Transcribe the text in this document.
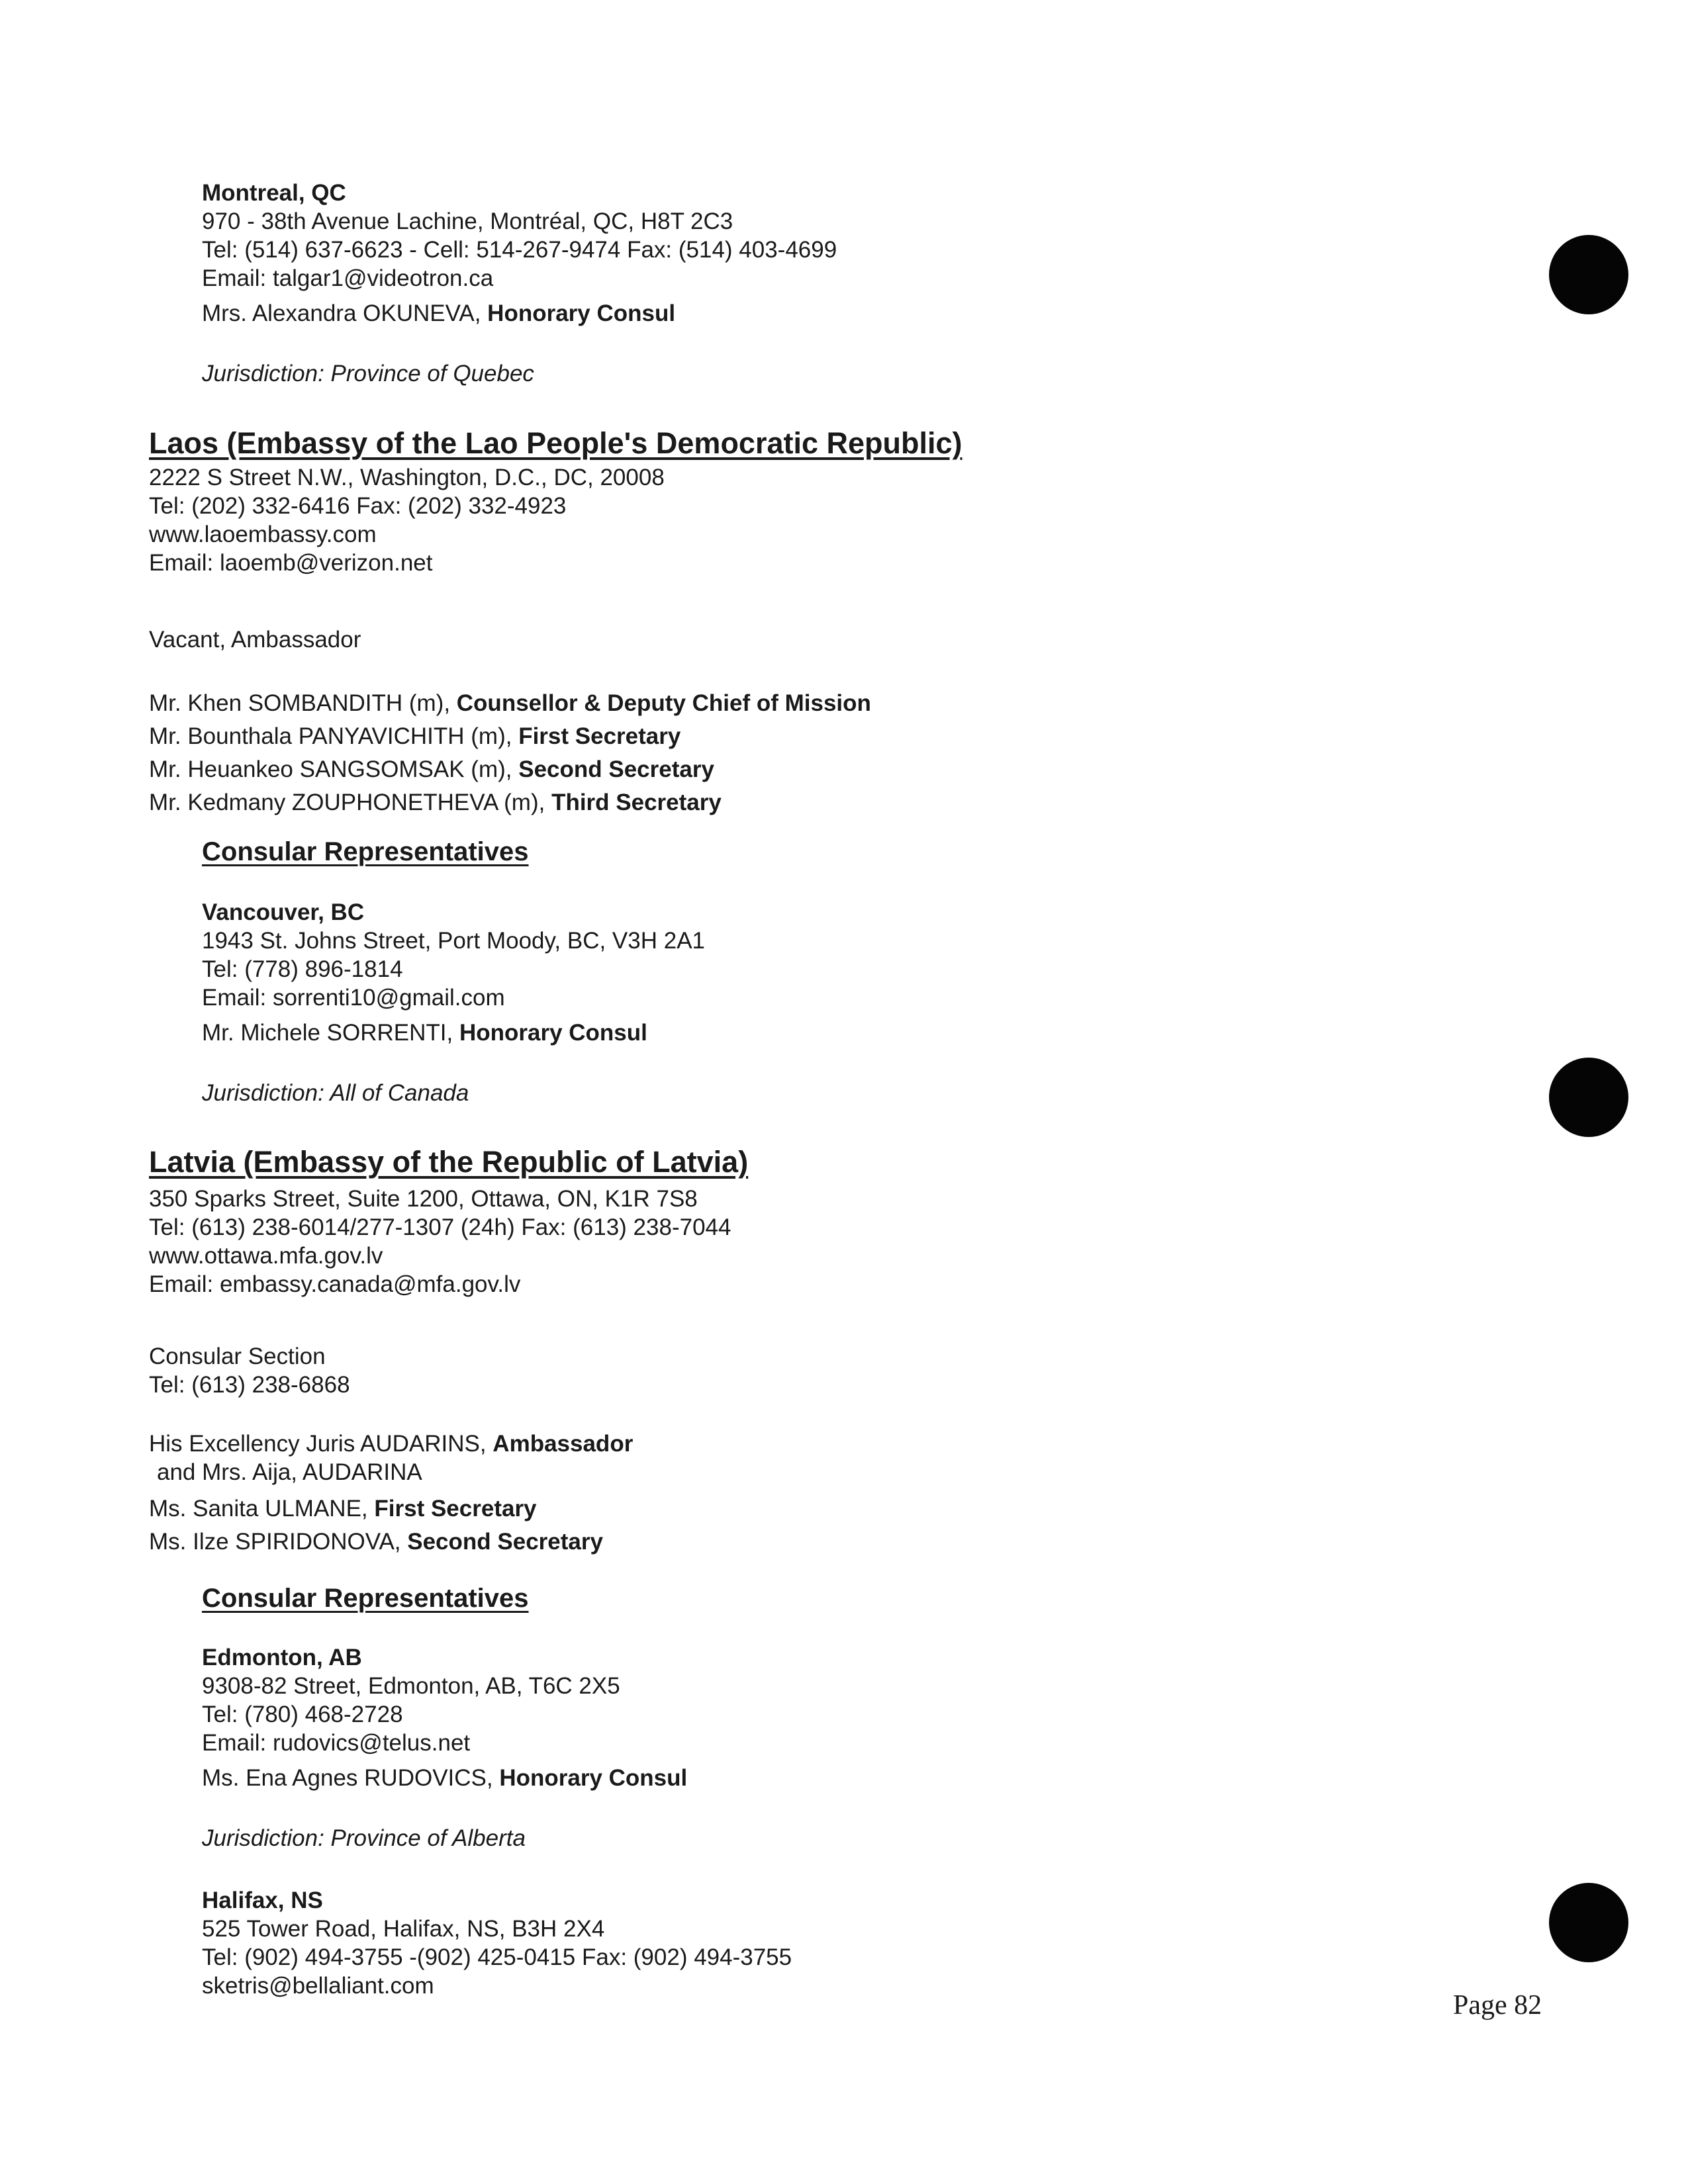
Montreal, QC
970 - 38th Avenue Lachine, Montréal, QC, H8T 2C3
Tel: (514) 637-6623 - Cell: 514-267-9474 Fax: (514) 403-4699
Email: talgar1@videotron.ca
Mrs. Alexandra OKUNEVA, Honorary Consul
Jurisdiction: Province of Quebec
Laos (Embassy of the Lao People's Democratic Republic)
2222 S Street N.W., Washington, D.C., DC, 20008
Tel: (202) 332-6416 Fax: (202) 332-4923
www.laoembassy.com
Email: laoemb@verizon.net
Vacant, Ambassador
Mr. Khen SOMBANDITH (m), Counsellor & Deputy Chief of Mission
Mr. Bounthala PANYAVICHITH (m), First Secretary
Mr. Heuankeo SANGSOMSAK (m), Second Secretary
Mr. Kedmany ZOUPHONETHEVA (m), Third Secretary
Consular Representatives
Vancouver, BC
1943 St. Johns Street, Port Moody, BC, V3H 2A1
Tel: (778) 896-1814
Email: sorrenti10@gmail.com
Mr. Michele SORRENTI, Honorary Consul
Jurisdiction: All of Canada
Latvia (Embassy of the Republic of Latvia)
350 Sparks Street, Suite 1200, Ottawa, ON, K1R 7S8
Tel: (613) 238-6014/277-1307 (24h) Fax: (613) 238-7044
www.ottawa.mfa.gov.lv
Email: embassy.canada@mfa.gov.lv
Consular Section
Tel: (613) 238-6868
His Excellency Juris AUDARINS, Ambassador
and Mrs. Aija, AUDARINA
Ms. Sanita ULMANE, First Secretary
Ms. Ilze SPIRIDONOVA, Second Secretary
Consular Representatives
Edmonton, AB
9308-82 Street, Edmonton, AB, T6C 2X5
Tel: (780) 468-2728
Email: rudovics@telus.net
Ms. Ena Agnes RUDOVICS, Honorary Consul
Jurisdiction: Province of Alberta
Halifax, NS
525 Tower Road, Halifax, NS, B3H 2X4
Tel: (902) 494-3755 -(902) 425-0415 Fax: (902) 494-3755
sketris@bellaliant.com
Page 82
